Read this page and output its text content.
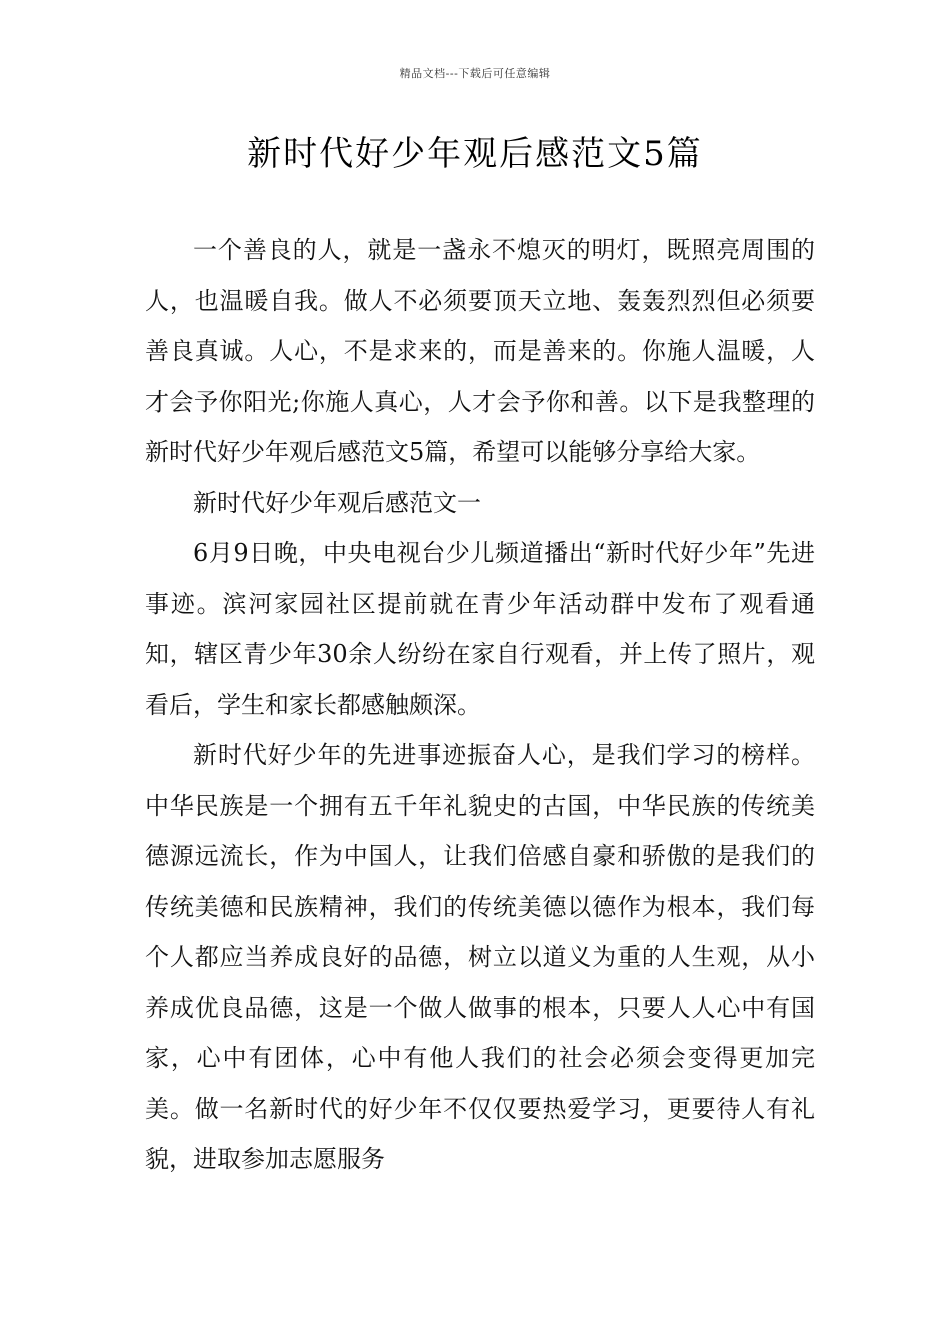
精品文档---下载后可任意编辑
新时代好少年观后感范文5篇

一个善良的人，就是一盏永不熄灭的明灯，既照亮周围的人，也温暖自我。做人不必须要顶天立地、轰轰烈烈但必须要善良真诚。人心，不是求来的，而是善来的。你施人温暖，人才会予你阳光;你施人真心，人才会予你和善。以下是我整理的新时代好少年观后感范文5篇，希望可以能够分享给大家。

新时代好少年观后感范文一

6月9日晚，中央电视台少儿频道播出“新时代好少年”先进事迹。滨河家园社区提前就在青少年活动群中发布了观看通知，辖区青少年30余人纷纷在家自行观看，并上传了照片，观看后，学生和家长都感触颇深。

新时代好少年的先进事迹振奋人心，是我们学习的榜样。中华民族是一个拥有五千年礼貌史的古国，中华民族的传统美德源远流长，作为中国人，让我们倍感自豪和骄傲的是我们的传统美德和民族精神，我们的传统美德以德作为根本，我们每个人都应当养成良好的品德，树立以道义为重的人生观，从小养成优良品德，这是一个做人做事的根本，只要人人心中有国家，心中有团体，心中有他人我们的社会必须会变得更加完美。做一名新时代的好少年不仅仅要热爱学习，更要待人有礼貌，进取参加志愿服务
